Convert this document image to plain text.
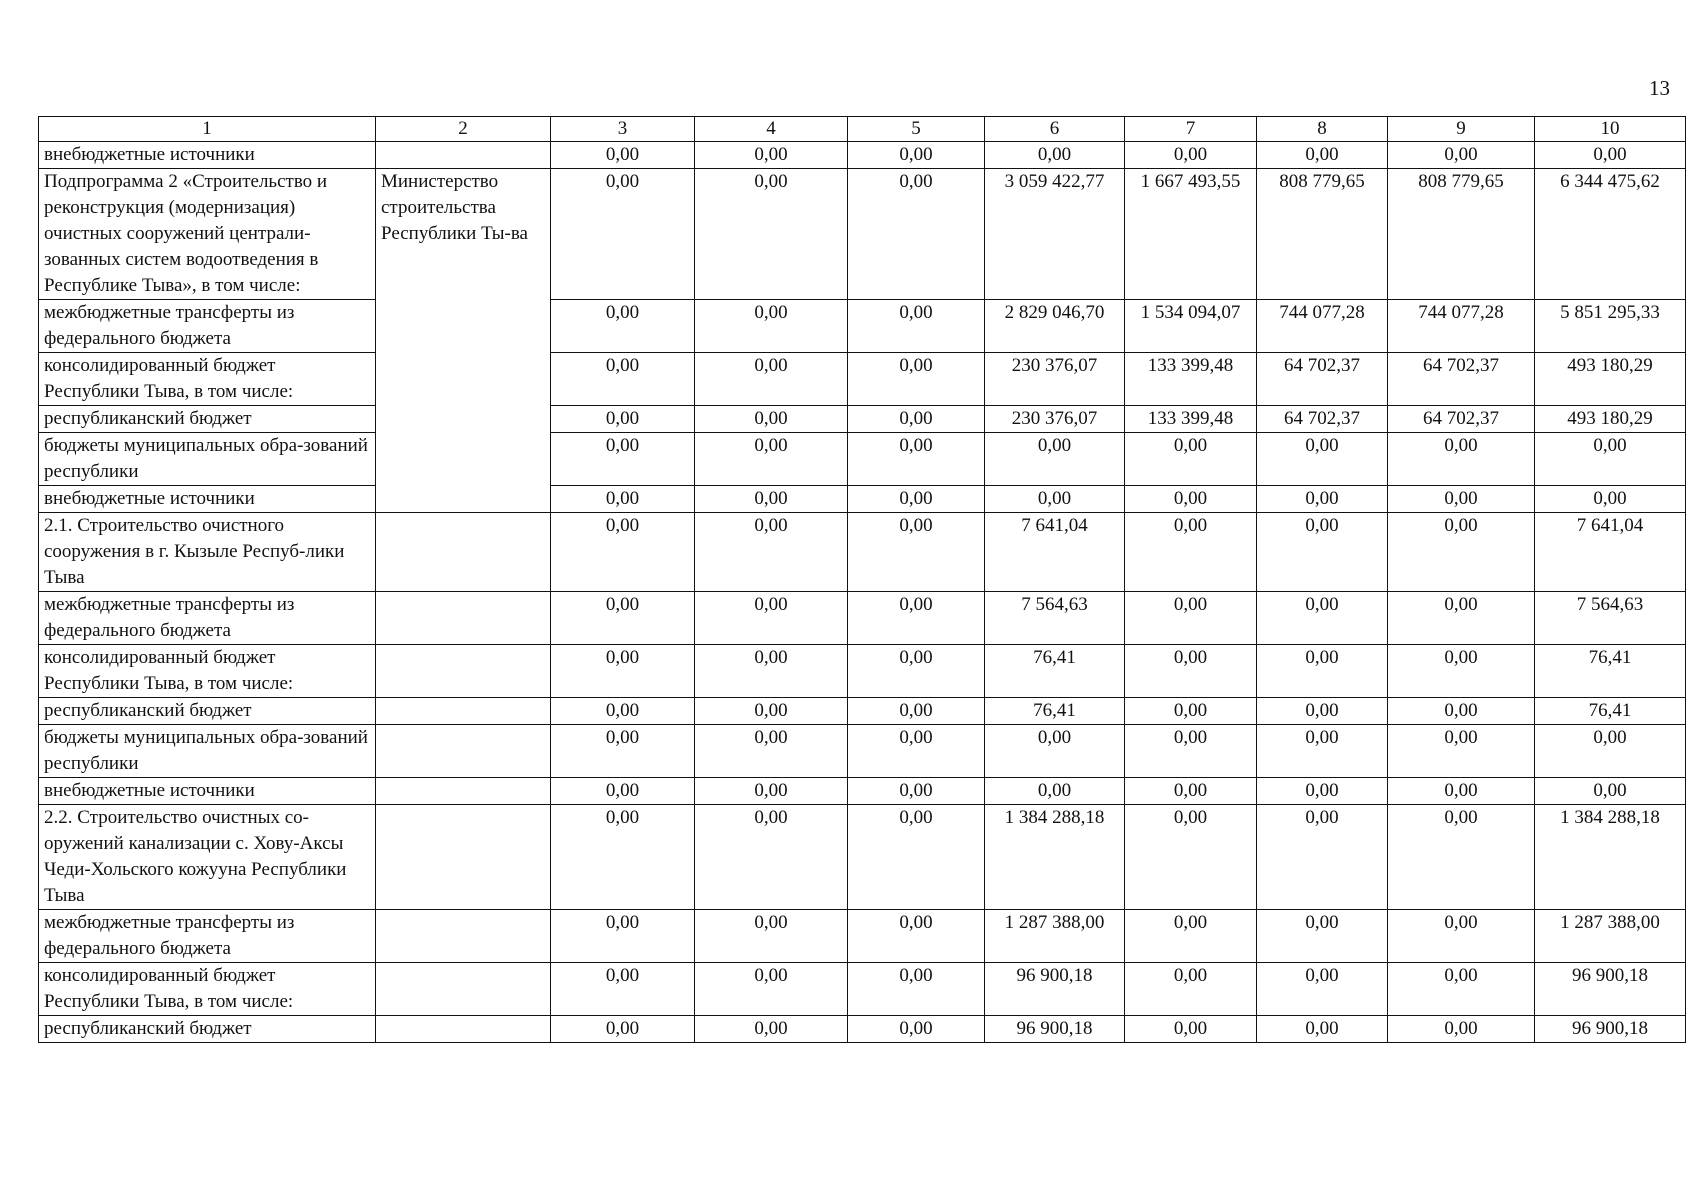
13
1	2	3	4	5	6	7	8	9	10
внебюджетные источники		0,00	0,00	0,00	0,00	0,00	0,00	0,00	0,00
Подпрограмма 2 «Строительство и реконструкция (модернизация) очистных сооружений централи-зованных систем водоотведения в Республике Тыва», в том числе:	Министерство строительства Республики Ты-ва	0,00	0,00	0,00	3 059 422,77	1 667 493,55	808 779,65	808 779,65	6 344 475,62
межбюджетные трансферты из федерального бюджета		0,00	0,00	0,00	2 829 046,70	1 534 094,07	744 077,28	744 077,28	5 851 295,33
консолидированный бюджет Республики Тыва, в том числе:		0,00	0,00	0,00	230 376,07	133 399,48	64 702,37	64 702,37	493 180,29
республиканский бюджет		0,00	0,00	0,00	230 376,07	133 399,48	64 702,37	64 702,37	493 180,29
бюджеты муниципальных обра-зований республики		0,00	0,00	0,00	0,00	0,00	0,00	0,00	0,00
внебюджетные источники		0,00	0,00	0,00	0,00	0,00	0,00	0,00	0,00
2.1. Строительство очистного сооружения в г. Кызыле Респуб-лики Тыва		0,00	0,00	0,00	7 641,04	0,00	0,00	0,00	7 641,04
межбюджетные трансферты из федерального бюджета		0,00	0,00	0,00	7 564,63	0,00	0,00	0,00	7 564,63
консолидированный бюджет Республики Тыва, в том числе:		0,00	0,00	0,00	76,41	0,00	0,00	0,00	76,41
республиканский бюджет		0,00	0,00	0,00	76,41	0,00	0,00	0,00	76,41
бюджеты муниципальных обра-зований республики		0,00	0,00	0,00	0,00	0,00	0,00	0,00	0,00
внебюджетные источники		0,00	0,00	0,00	0,00	0,00	0,00	0,00	0,00
2.2. Строительство очистных со-оружений канализации с. Хову-Аксы Чеди-Хольского кожууна Республики Тыва		0,00	0,00	0,00	1 384 288,18	0,00	0,00	0,00	1 384 288,18
межбюджетные трансферты из федерального бюджета		0,00	0,00	0,00	1 287 388,00	0,00	0,00	0,00	1 287 388,00
консолидированный бюджет Республики Тыва, в том числе:		0,00	0,00	0,00	96 900,18	0,00	0,00	0,00	96 900,18
республиканский бюджет		0,00	0,00	0,00	96 900,18	0,00	0,00	0,00	96 900,18
